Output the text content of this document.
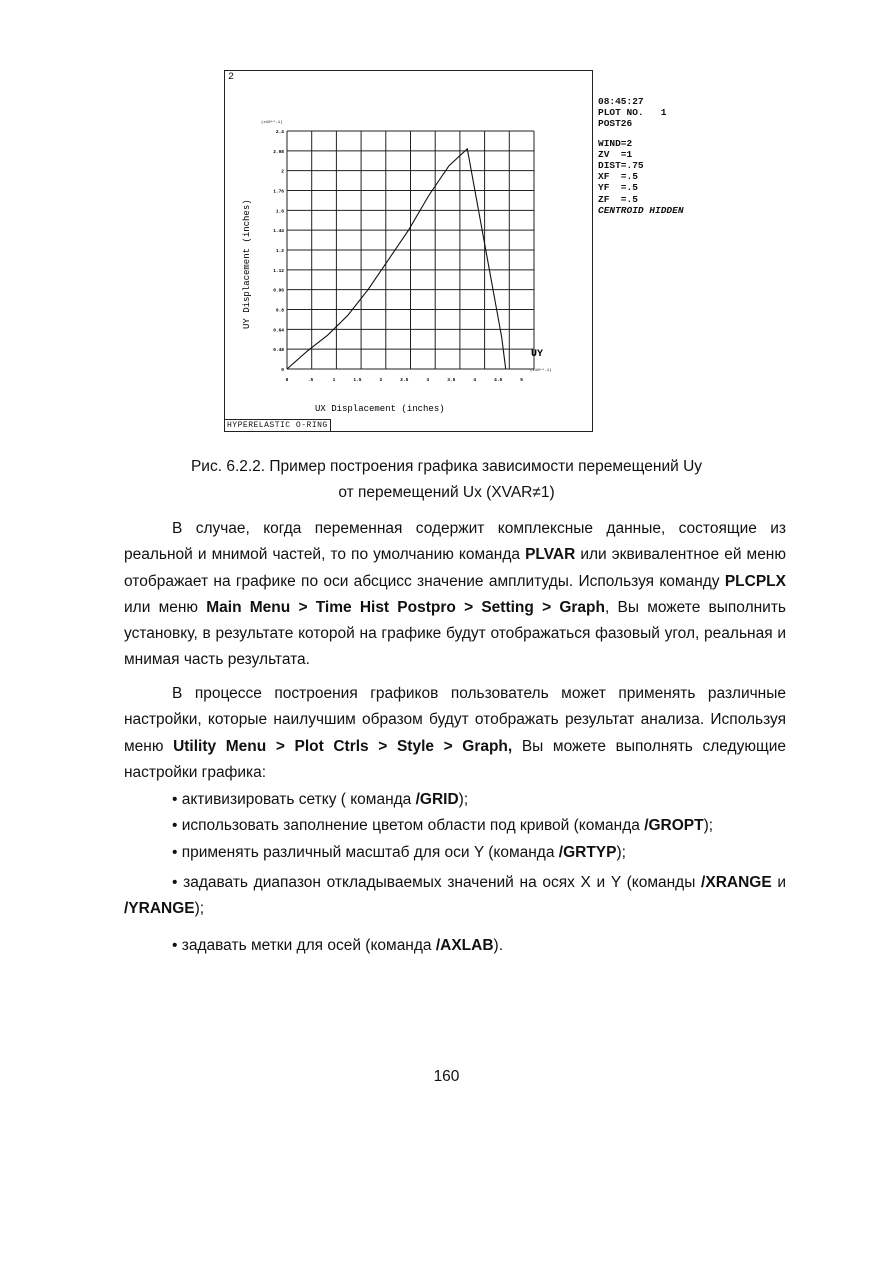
2
2.4
2.08
2
1.76
1.6
1.44
1.2
1.12
0.96
0.8
0.64
0.48
0
0	.5	1	1.5	2	2.5	3	3.5	4	4.5	5
UY
(x10**-1)
(x10**-1)
UY Displacement (inches)
UX Displacement (inches)
HYPERELASTIC O-RING
08:45:27
PLOT NO.   1
POST26
WIND=2
ZV  =1
DIST=.75
XF  =.5
YF  =.5
ZF  =.5
CENTROID HIDDEN
Рис. 6.2.2. Пример построения графика зависимости перемещений Uy
от перемещений Ux (XVAR≠1)

В случае, когда переменная содержит комплексные данные, состоящие из реальной и мнимой частей, то по умолчанию команда PLVAR или эквивалентное ей меню отображает на графике по оси абсцисс значение амплитуды. Используя команду PLCPLX или меню Main Menu > Time Hist Postpro > Setting > Graph, Вы можете выполнить установку, в результате которой на графике будут отображаться фазовый угол, реальная и мнимая часть результата.

В процессе построения графиков пользователь может применять различные настройки, которые наилучшим образом будут отображать результат анализа. Используя меню Utility Menu > Plot Ctrls > Style > Graph, Вы можете выполнять следующие настройки графика:

• активизировать сетку ( команда /GRID);
• использовать заполнение цветом области под кривой (команда /GROPT);
• применять различный масштаб для оси Y (команда /GRTYP);

• задавать диапазон откладываемых значений на осях X и Y (команды /XRANGE и /YRANGE);

• задавать метки для осей (команда /AXLAB).
160
